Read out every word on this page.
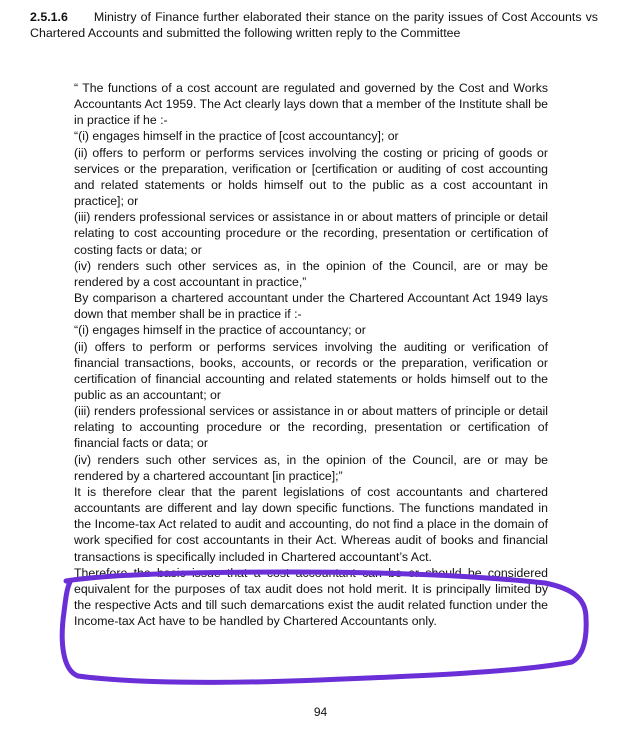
2.5.1.6 Ministry of Finance further elaborated their stance on the parity issues of Cost Accounts vs Chartered Accounts and submitted the following written reply to the Committee

“ The functions of a cost account are regulated and governed by the Cost and Works Accountants Act 1959. The Act clearly lays down that a member of the Institute shall be in practice if he :-

“(i) engages himself in the practice of [cost accountancy]; or

(ii) offers to perform or performs services involving the costing or pricing of goods or services or the preparation, verification or [certification or auditing of cost accounting and related statements or holds himself out to the public as a cost accountant in practice]; or

(iii) renders professional services or assistance in or about matters of principle or detail relating to cost accounting procedure or the recording, presentation or certification of costing facts or data; or

(iv) renders such other services as, in the opinion of the Council, are or may be rendered by a cost accountant in practice,”

By comparison a chartered accountant under the Chartered Accountant Act 1949 lays down that member shall be in practice if :-

“(i) engages himself in the practice of accountancy; or

(ii) offers to perform or performs services involving the auditing or verification of financial transactions, books, accounts, or records or the preparation, verification or certification of financial accounting and related statements or holds himself out to the public as an accountant; or

(iii) renders professional services or assistance in or about matters of principle or detail relating to accounting procedure or the recording, presentation or certification of financial facts or data; or

(iv) renders such other services as, in the opinion of the Council, are or may be rendered by a chartered accountant [in practice];”

It is therefore clear that the parent legislations of cost accountants and chartered accountants are different and lay down specific functions. The functions mandated in the Income-tax Act related to audit and accounting, do not find a place in the domain of work specified for cost accountants in their Act. Whereas audit of books and financial transactions is specifically included in Chartered accountant’s Act.

Therefore the basic issue that a cost accountant can be or should be considered equivalent for the purposes of tax audit does not hold merit. It is principally limited by the respective Acts and till such demarcations exist the audit related function under the Income-tax Act have to be handled by Chartered Accountants only.

94
